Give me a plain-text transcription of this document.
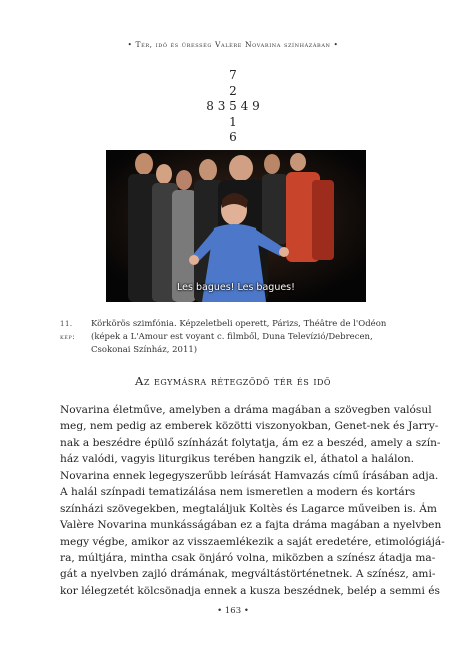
• Tér, idő és üresség Valère Novarina színházában •
7
2
8 3 5 4 9
1
6
Les bagues! Les bagues!
11. kép:
Körkörös szimfónia. Képzeletbeli operett, Párizs, Théâtre de l'Odéon
(képek a L'Amour est voyant c. filmből, Duna Televízió/Debrecen,
Csokonai Színház, 2011)
Az egymásra rétegződő tér és idő
Novarina életműve, amelyben a dráma magában a szövegben valósul
meg, nem pedig az emberek közötti viszonyokban, Genet-nek és Jarry-
nak a beszédre épülő színházát folytatja, ám ez a beszéd, amely a szín-
ház valódi, vagyis liturgikus terében hangzik el, áthatol a halálon.
Novarina ennek legegyszerűbb leírását Hamvazás című írásában adja.
A halál színpadi tematizálása nem ismeretlen a modern és kortárs
színházi szövegekben, megtaláljuk Koltès és Lagarce műveiben is. Ám
Valère Novarina munkásságában ez a fajta dráma magában a nyelvben
megy végbe, amikor az visszaemlékezik a saját eredetére, etimológiájá-
ra, múltjára, mintha csak önjáró volna, miközben a színész átadja ma-
gát a nyelvben zajló drámának, megváltástörténetnek. A színész, ami-
kor lélegzetét kölcsönadja ennek a kusza beszédnek, belép a semmi és
• 163 •
